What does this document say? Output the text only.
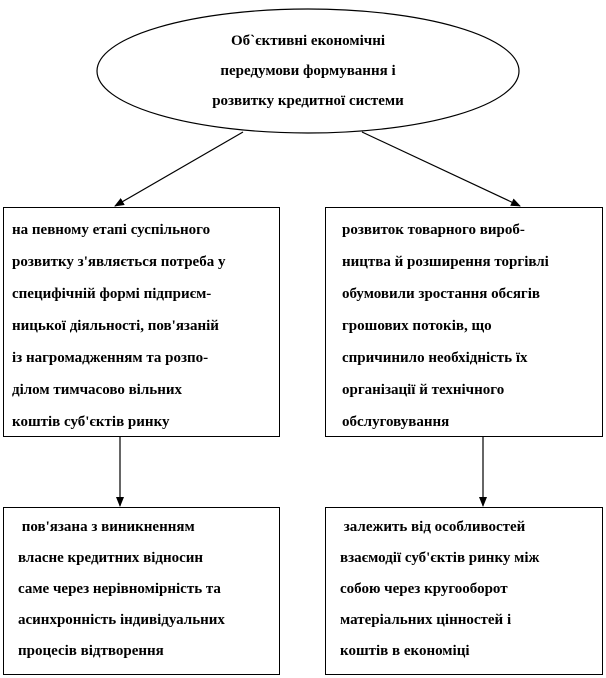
Об`єктивні економічні
передумови формування і
розвитку кредитної системи
на певному етапі суспільного
розвитку з'являється потреба у
специфічній формі підприєм-
ницької діяльності, пов'язаній
із нагромадженням та розпо-
ділом тимчасово вільних
коштів суб'єктів ринку
розвиток товарного вироб-
ництва й розширення торгівлі
обумовили зростання обсягів
грошових потоків, що
спричинило необхідність їх
організації й технічного
обслуговування
пов'язана з виникненням
власне кредитних відносин
саме через нерівномірність та
асинхронність індивідуальних
процесів відтворення
залежить від особливостей
взаємодії суб'єктів ринку між
собою через кругооборот
матеріальних цінностей і
коштів в економіці
